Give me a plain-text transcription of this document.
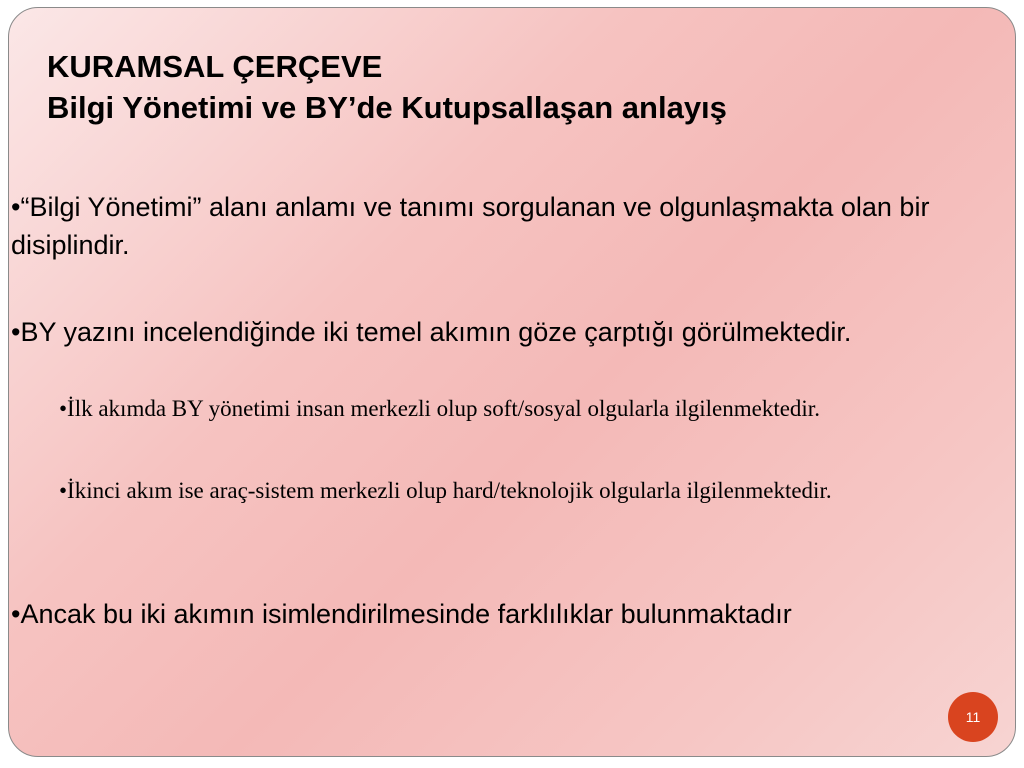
KURAMSAL ÇERÇEVE
Bilgi Yönetimi ve BY’de Kutupsallaşan anlayış

•“Bilgi Yönetimi” alanı anlamı ve tanımı sorgulanan ve olgunlaşmakta olan bir disiplindir.

•BY yazını incelendiğinde iki temel akımın göze çarptığı görülmektedir.

•İlk akımda BY yönetimi insan merkezli olup soft/sosyal olgularla ilgilenmektedir.

•İkinci akım ise araç-sistem merkezli olup hard/teknolojik olgularla ilgilenmektedir.

•Ancak bu iki akımın isimlendirilmesinde farklılıklar bulunmaktadır

11
